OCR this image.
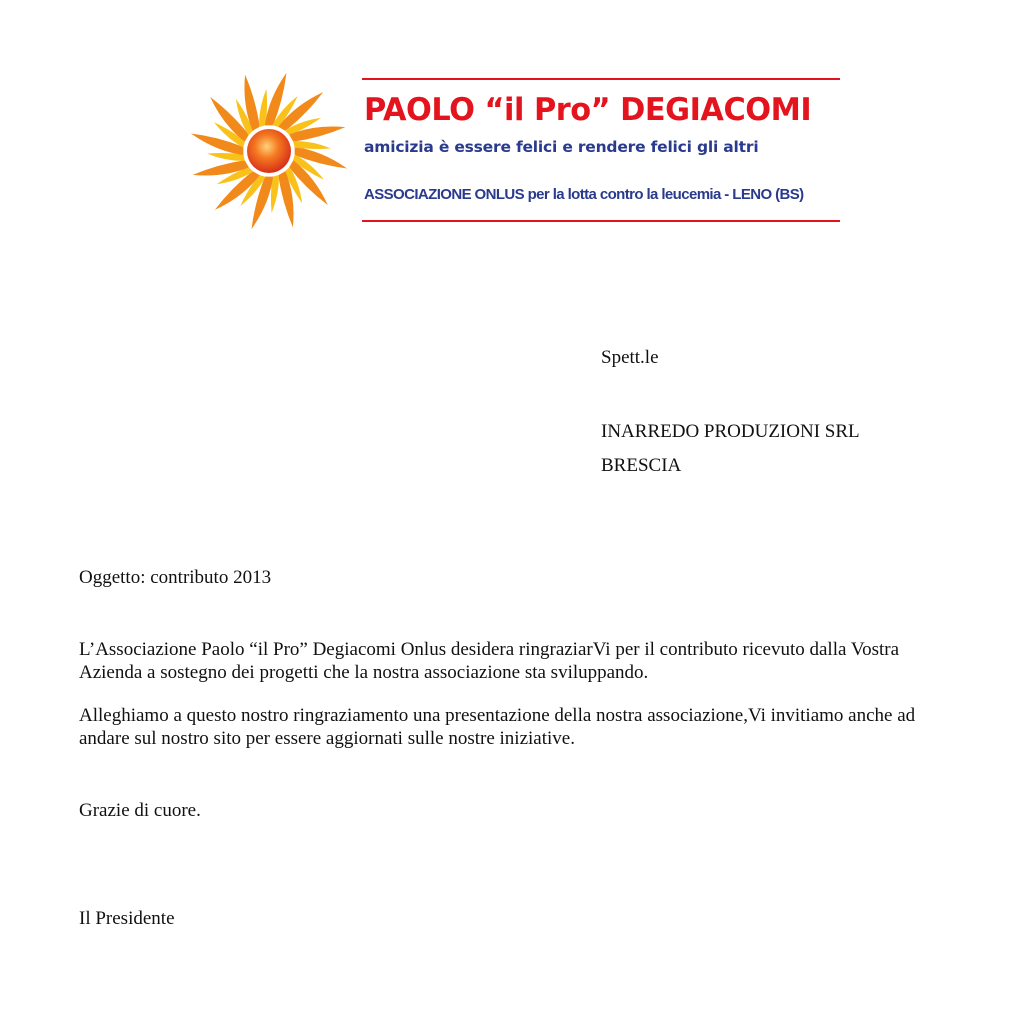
PAOLO “il Pro” DEGIACOMI
amicizia è essere felici e rendere felici gli altri
ASSOCIAZIONE ONLUS per la lotta contro la leucemia - LENO (BS)
Spett.le
INARREDO PRODUZIONI SRL
BRESCIA
Oggetto: contributo 2013
L’Associazione Paolo “il Pro” Degiacomi Onlus desidera ringraziarVi per il contributo ricevuto dalla Vostra Azienda a sostegno dei progetti che la nostra associazione sta sviluppando.
Alleghiamo a questo nostro ringraziamento una presentazione della nostra associazione,Vi invitiamo anche ad andare sul nostro sito per essere aggiornati sulle nostre iniziative.
Grazie di cuore.
Il Presidente
